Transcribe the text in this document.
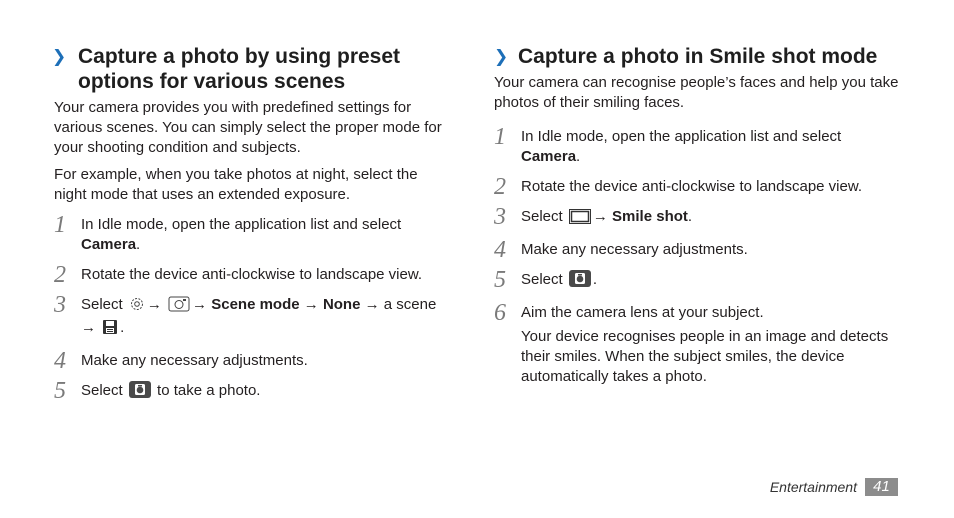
❯
Capture a photo by using preset
options for various scenes

Your camera provides you with predefined settings for various scenes. You can simply select the proper mode for your shooting condition and subjects.

For example, when you take photos at night, select the night mode that uses an extended exposure.

1 In Idle mode, open the application list and select Camera.
2 Rotate the device anti-clockwise to landscape view.
3 Select → → Scene mode → None → a scene
→ .
4 Make any necessary adjustments.
5 Select to take a photo.
❯
Capture a photo in Smile shot mode

Your camera can recognise people’s faces and help you take photos of their smiling faces.

1 In Idle mode, open the application list and select Camera.
2 Rotate the device anti-clockwise to landscape view.
3 Select → Smile shot.
4 Make any necessary adjustments.
5 Select .
6 Aim the camera lens at your subject.
Your device recognises people in an image and detects their smiles. When the subject smiles, the device automatically takes a photo.
Entertainment	41
